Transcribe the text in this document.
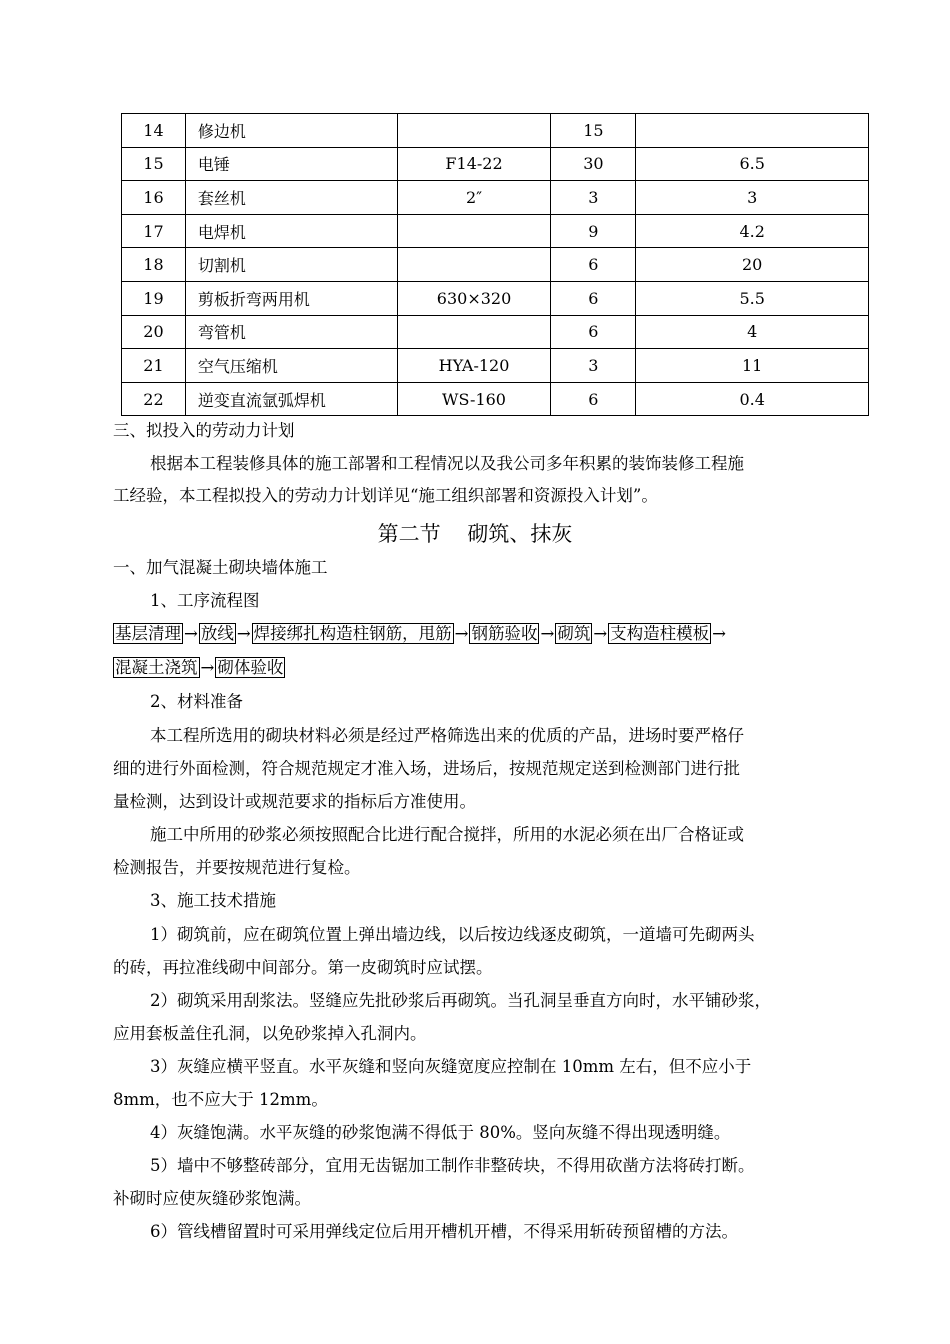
14	修边机		15	
15	电锤	F14-22	30	6.5
16	套丝机	2″	3	3
17	电焊机		9	4.2
18	切割机		6	20
19	剪板折弯两用机	630×320	6	5.5
20	弯管机		6	4
21	空气压缩机	HYA-120	3	11
22	逆变直流氩弧焊机	WS-160	6	0.4
三、拟投入的劳动力计划
根据本工程装修具体的施工部署和工程情况以及我公司多年积累的装饰装修工程施
工经验，本工程拟投入的劳动力计划详见“施工组织部署和资源投入计划”。
第二节    砌筑、抹灰
一、加气混凝土砌块墙体施工
1、工序流程图
基层清理 → 放线 → 焊接绑扎构造柱钢筋，甩筋 → 钢筋验收 → 砌筑 → 支构造柱模板 →
混凝土浇筑 → 砌体验收
2、材料准备
本工程所选用的砌块材料必须是经过严格筛选出来的优质的产品，进场时要严格仔
细的进行外面检测，符合规范规定才准入场，进场后，按规范规定送到检测部门进行批
量检测，达到设计或规范要求的指标后方准使用。
施工中所用的砂浆必须按照配合比进行配合搅拌，所用的水泥必须在出厂合格证或
检测报告，并要按规范进行复检。
3、施工技术措施
1）砌筑前，应在砌筑位置上弹出墙边线，以后按边线逐皮砌筑，一道墙可先砌两头
的砖，再拉准线砌中间部分。第一皮砌筑时应试摆。
2）砌筑采用刮浆法。竖缝应先批砂浆后再砌筑。当孔洞呈垂直方向时，水平铺砂浆，
应用套板盖住孔洞，以免砂浆掉入孔洞内。
3）灰缝应横平竖直。水平灰缝和竖向灰缝宽度应控制在 10mm 左右，但不应小于
8mm，也不应大于 12mm。
4）灰缝饱满。水平灰缝的砂浆饱满不得低于 80%。竖向灰缝不得出现透明缝。
5）墙中不够整砖部分，宜用无齿锯加工制作非整砖块，不得用砍凿方法将砖打断。
补砌时应使灰缝砂浆饱满。
6）管线槽留置时可采用弹线定位后用开槽机开槽，不得采用斩砖预留槽的方法。
